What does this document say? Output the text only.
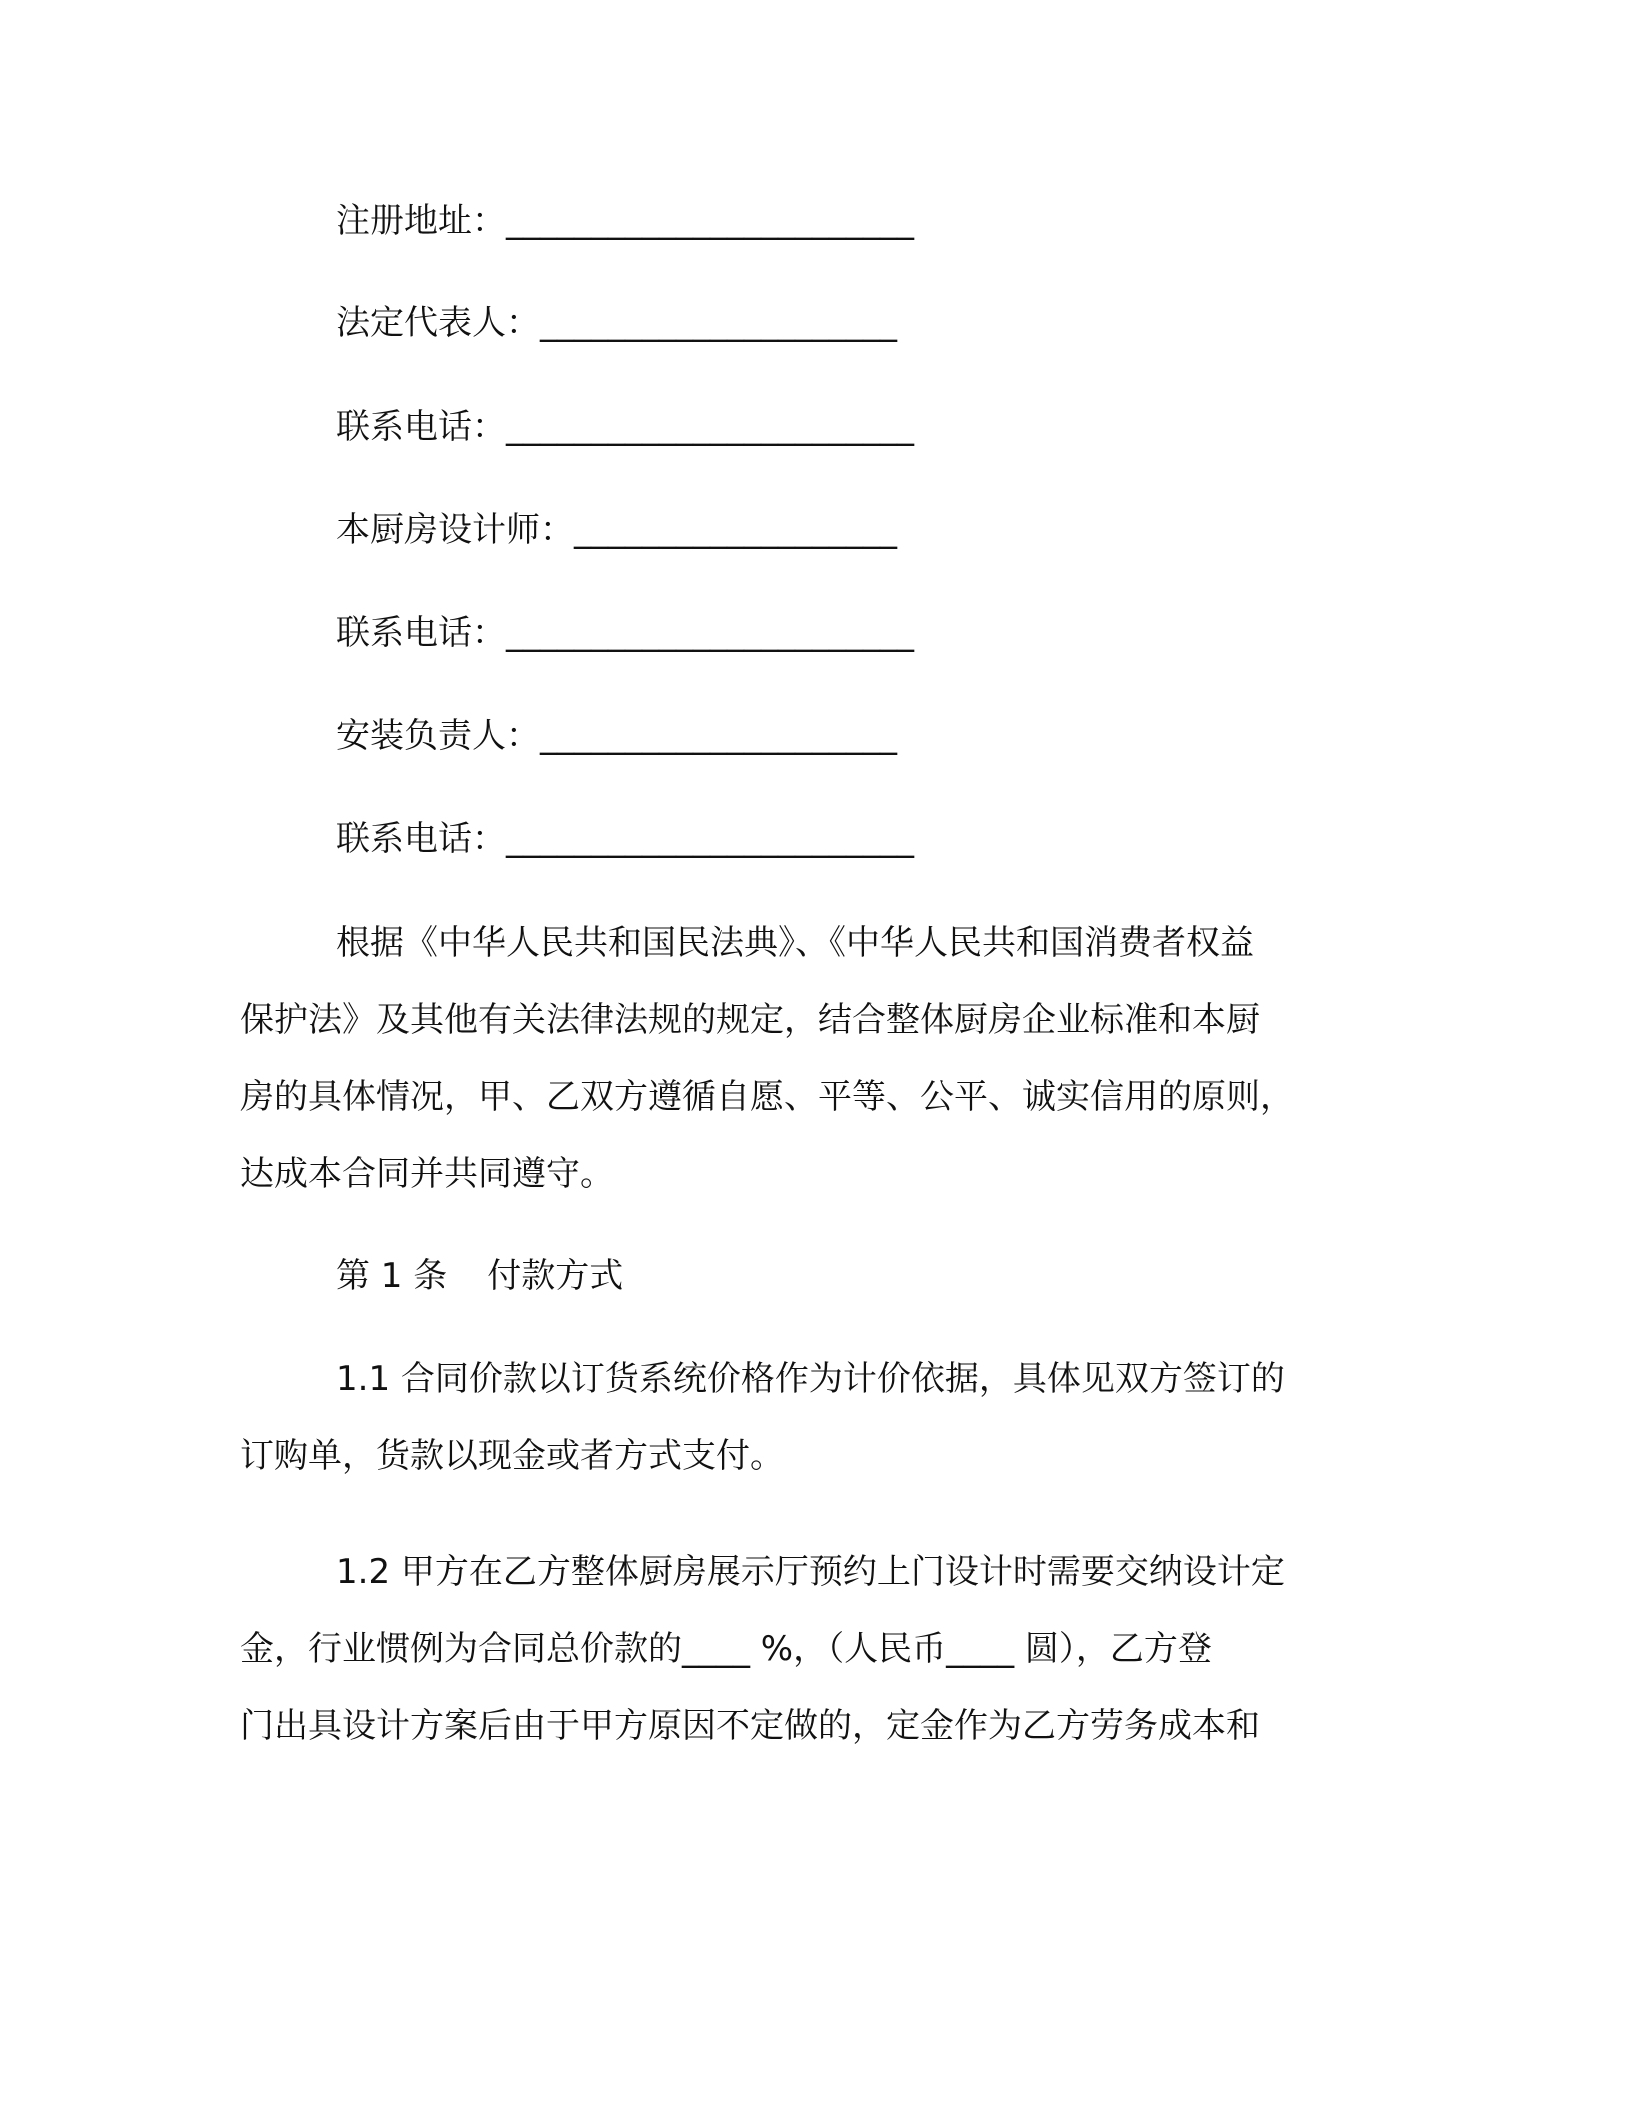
注册地址：________________________
法定代表人：_____________________
联系电话：________________________
本厨房设计师：___________________
联系电话：________________________
安装负责人：_____________________
联系电话：________________________
根据《中华人民共和国民法典》、《中华人民共和国消费者权益
保护法》及其他有关法律法规的规定，结合整体厨房企业标准和本厨
房的具体情况，甲、乙双方遵循自愿、平等、公平、诚实信用的原则，
达成本合同并共同遵守。
第 1 条 付款方式
1.1 合同价款以订货系统价格作为计价依据，具体见双方签订的
订购单，货款以现金或者方式支付。
1.2 甲方在乙方整体厨房展示厅预约上门设计时需要交纳设计定
金，行业惯例为合同总价款的____ %，（人民币____ 圆），乙方登
门出具设计方案后由于甲方原因不定做的，定金作为乙方劳务成本和
